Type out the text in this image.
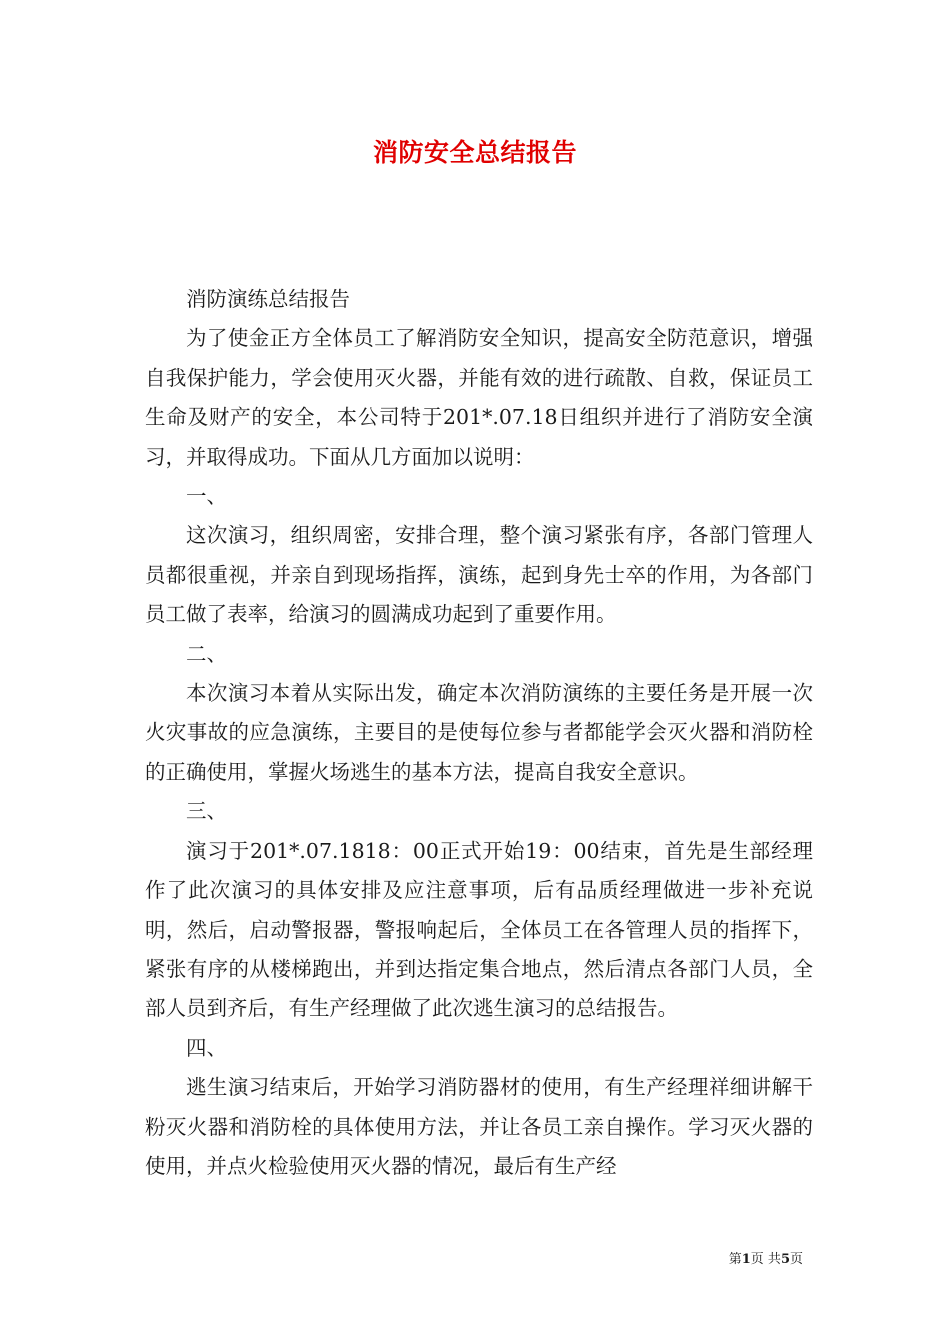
消防安全总结报告

消防演练总结报告

为了使金正方全体员工了解消防安全知识，提高安全防范意识，增强自我保护能力，学会使用灭火器，并能有效的进行疏散、自救，保证员工生命及财产的安全，本公司特于201*.07.18日组织并进行了消防安全演习，并取得成功。下面从几方面加以说明：

一、

这次演习，组织周密，安排合理，整个演习紧张有序，各部门管理人员都很重视，并亲自到现场指挥，演练，起到身先士卒的作用，为各部门员工做了表率，给演习的圆满成功起到了重要作用。

二、

本次演习本着从实际出发，确定本次消防演练的主要任务是开展一次火灾事故的应急演练，主要目的是使每位参与者都能学会灭火器和消防栓的正确使用，掌握火场逃生的基本方法，提高自我安全意识。

三、

演习于201*.07.1818：00正式开始19：00结束，首先是生部经理作了此次演习的具体安排及应注意事项，后有品质经理做进一步补充说明，然后，启动警报器，警报响起后，全体员工在各管理人员的指挥下，紧张有序的从楼梯跑出，并到达指定集合地点，然后清点各部门人员，全部人员到齐后，有生产经理做了此次逃生演习的总结报告。

四、

逃生演习结束后，开始学习消防器材的使用，有生产经理祥细讲解干粉灭火器和消防栓的具体使用方法，并让各员工亲自操作。学习灭火器的使用，并点火检验使用灭火器的情况，最后有生产经

第1页 共5页
